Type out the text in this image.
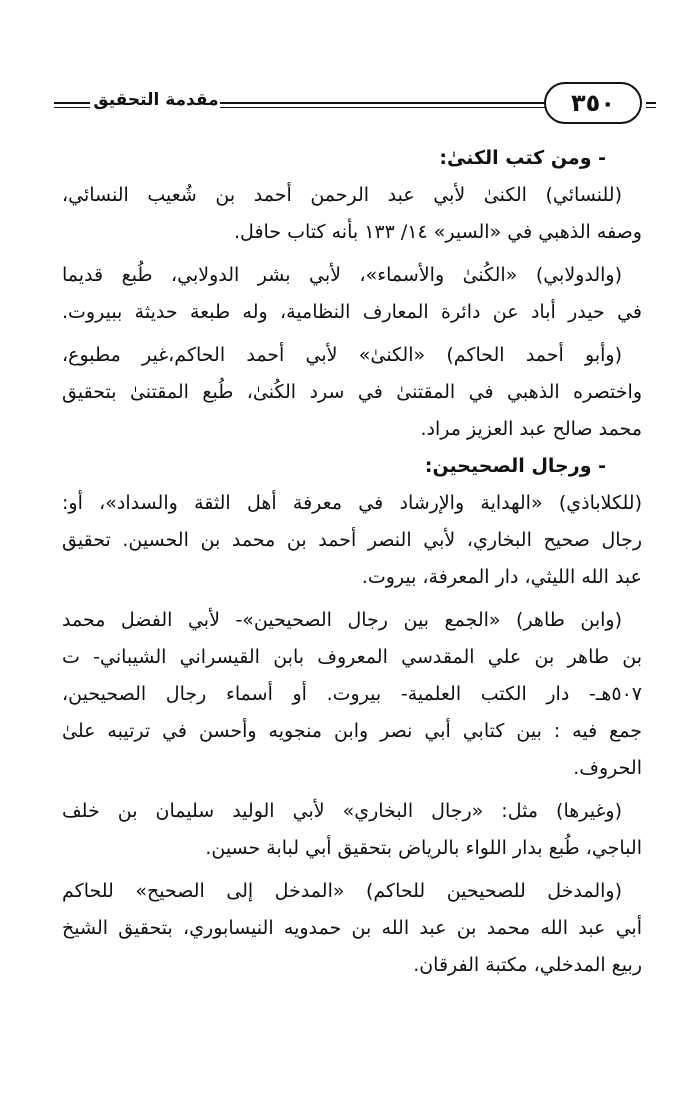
مقدمة التحقيق	٣٥٠
- ومن كتب الكنىٰ:
(للنسائي) الكنىٰ لأبي عبد الرحمن أحمد بن شُعيب النسائي،
وصفه الذهبي في «السير» ١٤/ ١٣٣ بأنه كتاب حافل.
(والدولابي) «الكُنىٰ والأسماء»، لأبي بشر الدولابي، طُبع قديما
في حيدر أباد عن دائرة المعارف النظامية، وله طبعة حديثة ببيروت.
(وأبو أحمد الحاكم) «الكنىٰ» لأبي أحمد الحاكم،غير مطبوع،
واختصره الذهبي في المقتنىٰ في سرد الكُنىٰ، طُبع المقتنىٰ بتحقيق
محمد صالح عبد العزيز مراد.
- ورجال الصحيحين:
(للكلاباذي) «الهداية والإرشاد في معرفة أهل الثقة والسداد»، أو:
رجال صحيح البخاري، لأبي النصر أحمد بن محمد بن الحسين. تحقيق
عبد الله الليثي، دار المعرفة، بيروت.
(وابن طاهر) «الجمع بين رجال الصحيحين»- لأبي الفضل محمد
بن طاهر بن علي المقدسي المعروف بابن القيسراني الشيباني- ت
٥٠٧هـ- دار الكتب العلمية- بيروت. أو أسماء رجال الصحيحين،
جمع فيه : بين كتابي أبي نصر وابن منجويه وأحسن في ترتيبه علىٰ
الحروف.
(وغيرها) مثل: «رجال البخاري» لأبي الوليد سليمان بن خلف
الباجي، طُبع بدار اللواء بالرياض بتحقيق أبي لبابة حسين.
(والمدخل للصحيحين للحاكم) «المدخل إلى الصحيح» للحاكم
أبي عبد الله محمد بن عبد الله بن حمدويه النيسابوري، بتحقيق الشيخ
ربيع المدخلي، مكتبة الفرقان.
